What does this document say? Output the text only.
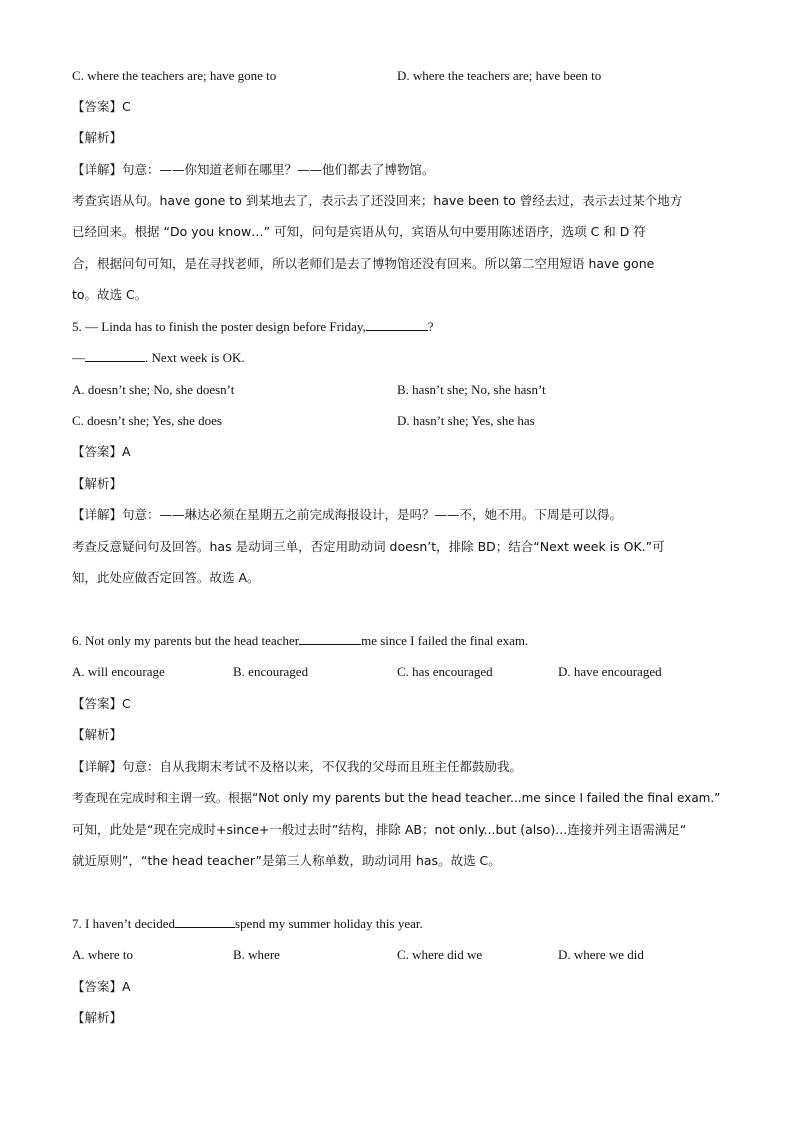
C. where the teachers are; have gone to	D. where the teachers are; have been to
【答案】C
【解析】
【详解】句意：——你知道老师在哪里？——他们都去了博物馆。
考查宾语从句。have gone to 到某地去了，表示去了还没回来；have been to 曾经去过，表示去过某个地方
已经回来。根据 “Do you know…” 可知，问句是宾语从句，宾语从句中要用陈述语序，选项 C 和 D 符
合，根据问句可知，是在寻找老师，所以老师们是去了博物馆还没有回来。所以第二空用短语 have gone
to。故选 C。
5. — Linda has to finish the poster design before Friday,	?
—	. Next week is OK.
A. doesn’t she; No, she doesn’t	B. hasn’t she; No, she hasn’t
C. doesn’t she; Yes, she does	D. hasn’t she; Yes, she has
【答案】A
【解析】
【详解】句意：——琳达必须在星期五之前完成海报设计，是吗？——不，她不用。下周是可以得。
考查反意疑问句及回答。has 是动词三单，否定用助动词 doesn’t，排除 BD；结合“Next week is OK.”可
知，此处应做否定回答。故选 A。
6. Not only my parents but the head teacher	me since I failed the final exam.
A. will encourage	B. encouraged	C. has encouraged	D. have encouraged
【答案】C
【解析】
【详解】句意：自从我期末考试不及格以来，不仅我的父母而且班主任都鼓励我。
考查现在完成时和主谓一致。根据“Not only my parents but the head teacher...me since I failed the final exam.”
可知，此处是“现在完成时+since+一般过去时”结构，排除 AB；not only...but (also)...连接并列主语需满足“
就近原则”，“the head teacher”是第三人称单数，助动词用 has。故选 C。
7. I haven’t decided	spend my summer holiday this year.
A. where to	B. where	C. where did we	D. where we did
【答案】A
【解析】
